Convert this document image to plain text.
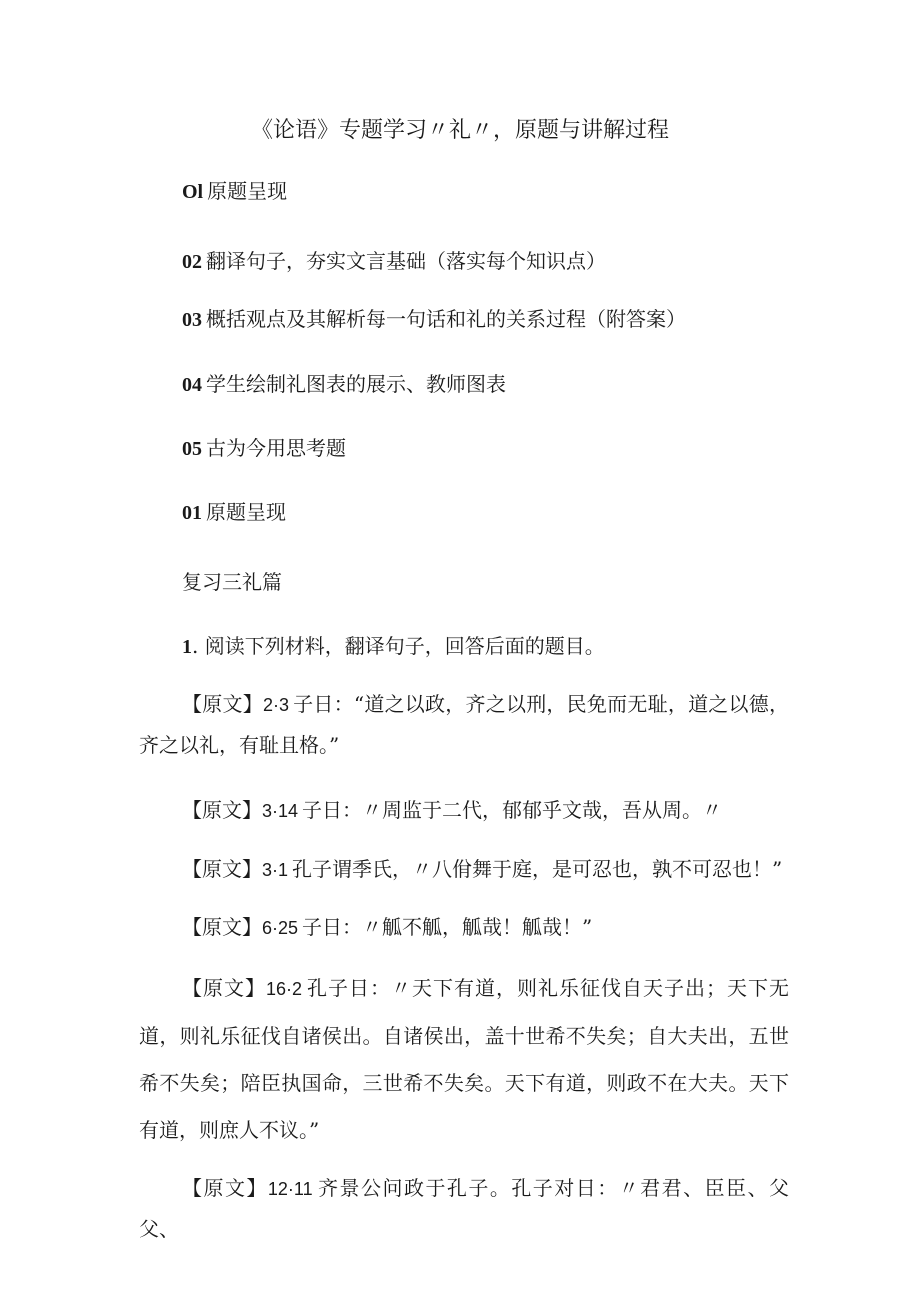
《论语》专题学习〃礼〃，原题与讲解过程
Ol 原题呈现
02 翻译句子，夯实文言基础（落实每个知识点）
03 概括观点及其解析每一句话和礼的关系过程（附答案）
04 学生绘制礼图表的展示、教师图表
05 古为今用思考题
01 原题呈现
复习三礼篇
1. 阅读下列材料，翻译句子，回答后面的题目。
【原文】2·3 子日：“道之以政，齐之以刑，民免而无耻，道之以德，齐之以礼，有耻且格。”
【原文】3·14 子日：〃周监于二代，郁郁乎文哉，吾从周。〃
【原文】3·1 孔子谓季氏，〃八佾舞于庭，是可忍也，孰不可忍也！”
【原文】6·25 子日：〃觚不觚，觚哉！觚哉！”
【原文】16·2 孔子日：〃天下有道，则礼乐征伐自天子出；天下无道，则礼乐征伐自诸侯出。自诸侯出，盖十世希不失矣；自大夫出，五世希不失矣；陪臣执国命，三世希不失矣。天下有道，则政不在大夫。天下有道，则庶人不议。”
【原文】12·11 齐景公问政于孔子。孔子对日：〃君君、臣臣、父父、
